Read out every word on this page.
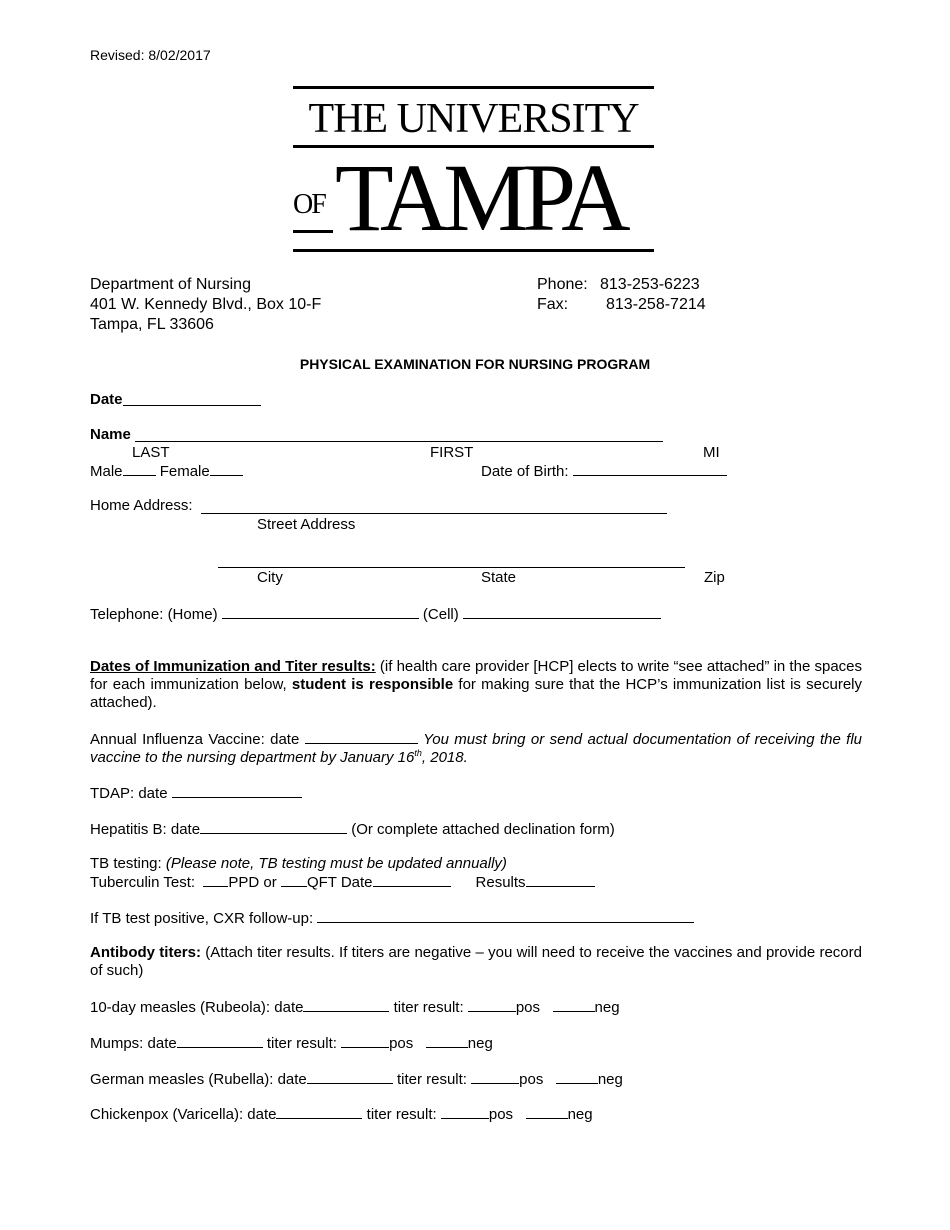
Revised: 8/02/2017
THE UNIVERSITY
OF TAMPA
Department of Nursing
401 W. Kennedy Blvd., Box 10-F
Tampa, FL 33606
Phone: 813-253-6223
Fax: 813-258-7214
PHYSICAL EXAMINATION FOR NURSING PROGRAM
Date
Name
LAST	FIRST	MI
Male Female	Date of Birth:
Home Address:
Street Address
City	State	Zip
Telephone: (Home)	(Cell)
Dates of Immunization and Titer results: (if health care provider [HCP] elects to write “see attached” in the spaces for each immunization below, student is responsible for making sure that the HCP’s immunization list is securely attached).
Annual Influenza Vaccine: date	You must bring or send actual documentation of receiving the flu vaccine to the nursing department by January 16th, 2018.
TDAP: date
Hepatitis B: date	(Or complete attached declination form)
TB testing: (Please note, TB testing must be updated annually)
Tuberculin Test: PPD or QFT Date	Results
If TB test positive, CXR follow-up:
Antibody titers: (Attach titer results. If titers are negative – you will need to receive the vaccines and provide record of such)
10-day measles (Rubeola): date	titer result:	pos	neg
Mumps: date	titer result:	pos	neg
German measles (Rubella): date	titer result:	pos	neg
Chickenpox (Varicella): date	titer result:	pos	neg
